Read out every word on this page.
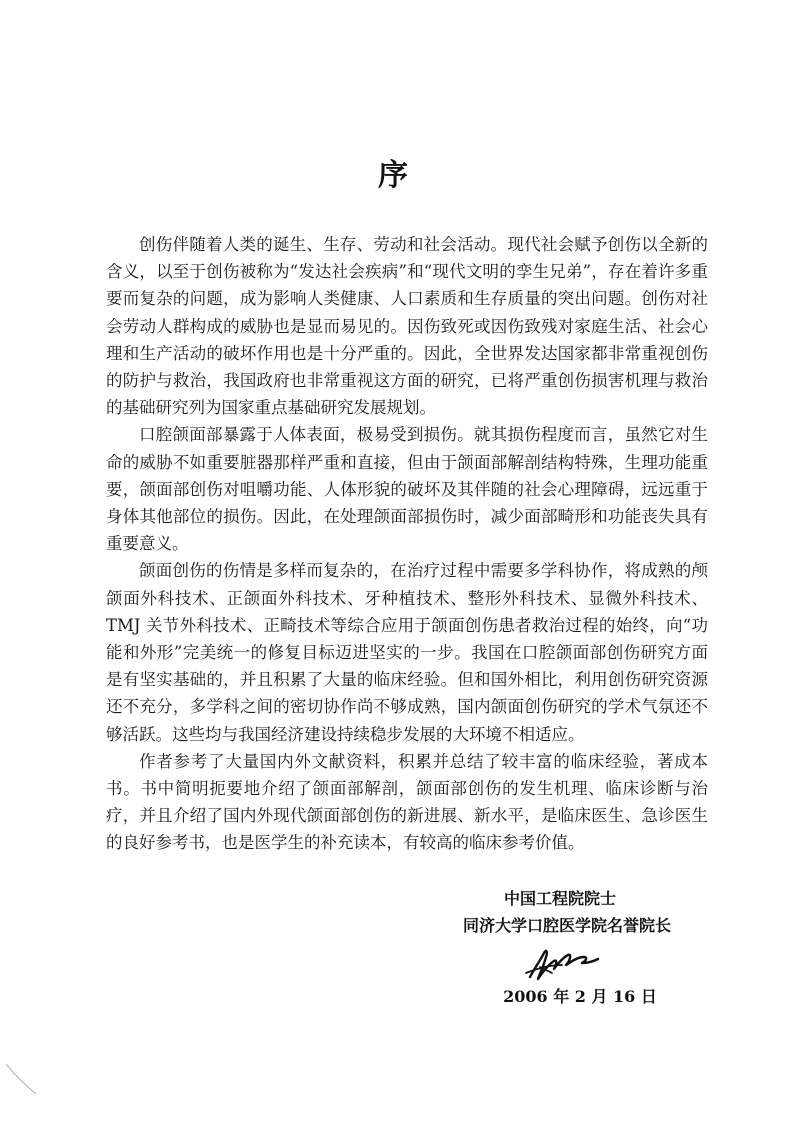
序

创伤伴随着人类的诞生、生存、劳动和社会活动。现代社会赋予创伤以全新的含义，以至于创伤被称为“发达社会疾病”和“现代文明的孪生兄弟”，存在着许多重要而复杂的问题，成为影响人类健康、人口素质和生存质量的突出问题。创伤对社会劳动人群构成的威胁也是显而易见的。因伤致死或因伤致残对家庭生活、社会心理和生产活动的破坏作用也是十分严重的。因此，全世界发达国家都非常重视创伤的防护与救治，我国政府也非常重视这方面的研究，已将严重创伤损害机理与救治的基础研究列为国家重点基础研究发展规划。

口腔颌面部暴露于人体表面，极易受到损伤。就其损伤程度而言，虽然它对生命的威胁不如重要脏器那样严重和直接，但由于颌面部解剖结构特殊，生理功能重要，颌面部创伤对咀嚼功能、人体形貌的破坏及其伴随的社会心理障碍，远远重于身体其他部位的损伤。因此，在处理颌面部损伤时，减少面部畸形和功能丧失具有重要意义。

颌面创伤的伤情是多样而复杂的，在治疗过程中需要多学科协作，将成熟的颅颌面外科技术、正颌面外科技术、牙种植技术、整形外科技术、显微外科技术、TMJ 关节外科技术、正畸技术等综合应用于颌面创伤患者救治过程的始终，向“功能和外形”完美统一的修复目标迈进坚实的一步。我国在口腔颌面部创伤研究方面是有坚实基础的，并且积累了大量的临床经验。但和国外相比，利用创伤研究资源还不充分，多学科之间的密切协作尚不够成熟，国内颌面创伤研究的学术气氛还不够活跃。这些均与我国经济建设持续稳步发展的大环境不相适应。

作者参考了大量国内外文献资料，积累并总结了较丰富的临床经验，著成本书。书中简明扼要地介绍了颌面部解剖，颌面部创伤的发生机理、临床诊断与治疗，并且介绍了国内外现代颌面部创伤的新进展、新水平，是临床医生、急诊医生的良好参考书，也是医学生的补充读本，有较高的临床参考价值。

中国工程院院士
同济大学口腔医学院名誉院长
2006 年 2 月 16 日
